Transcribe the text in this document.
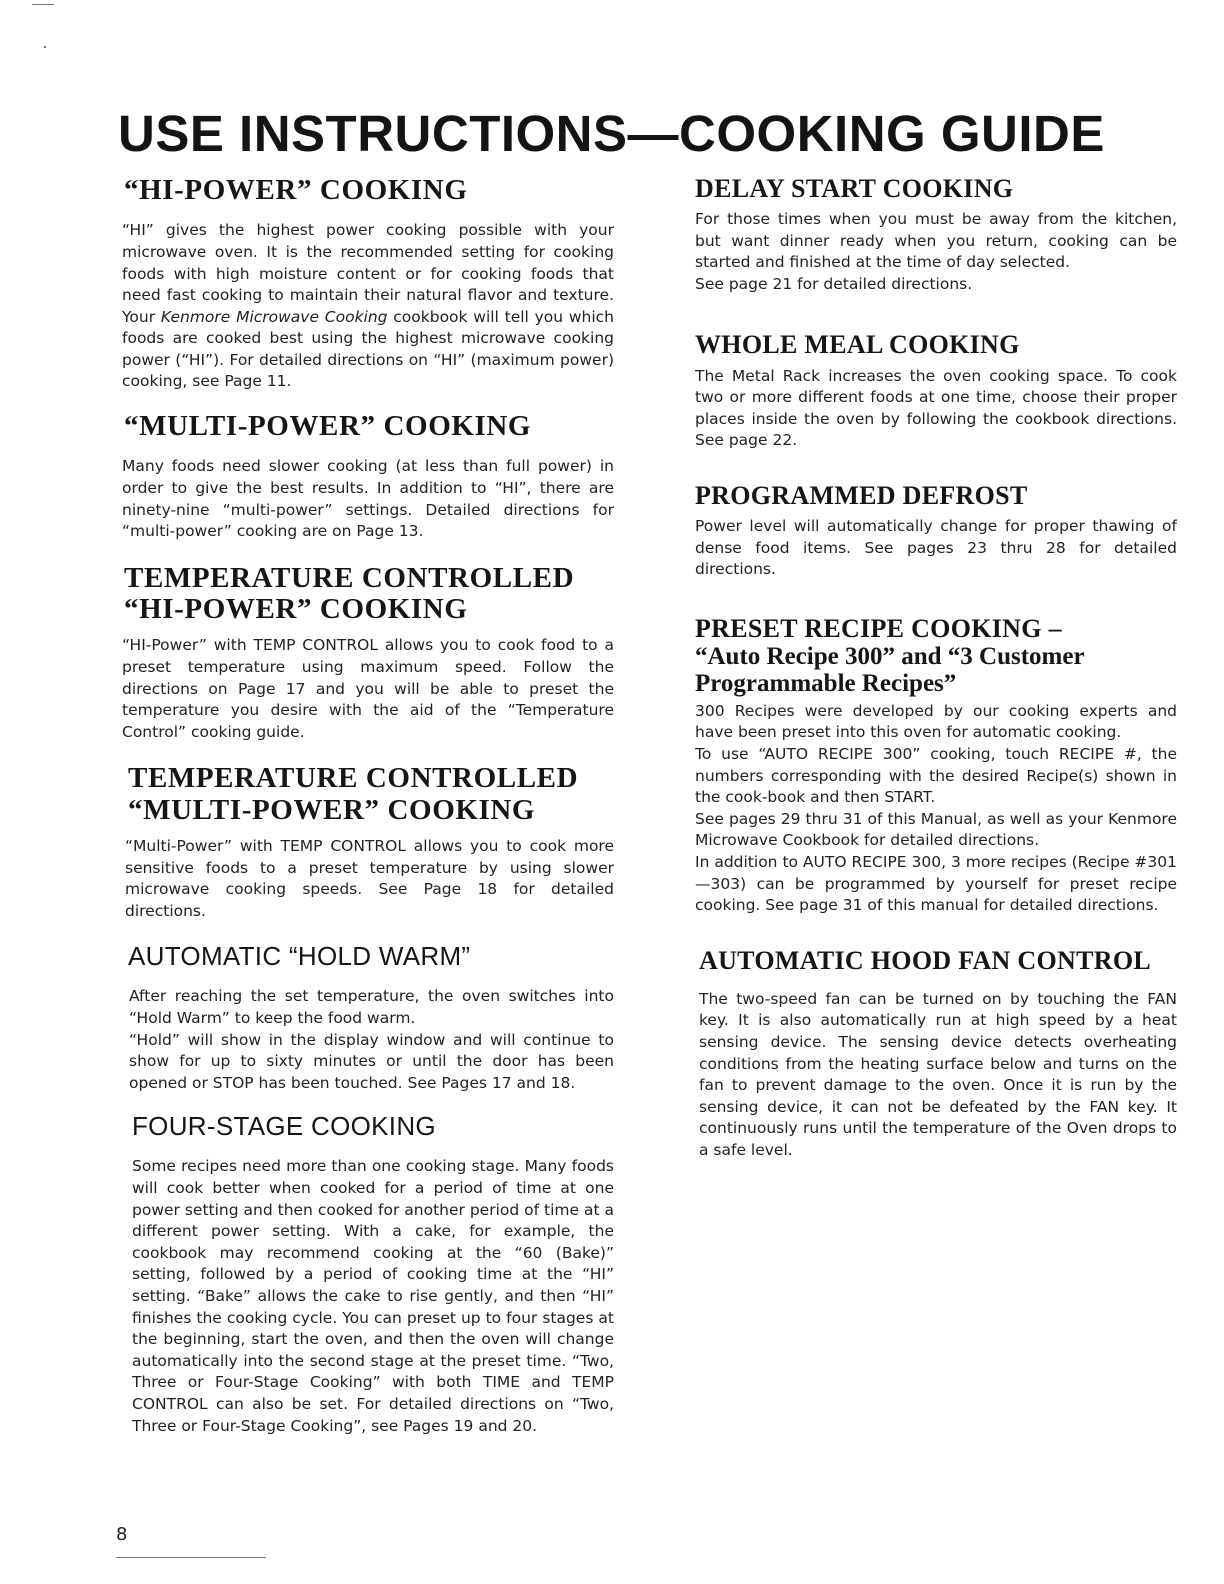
USE INSTRUCTIONS—COOKING GUIDE
“HI-POWER” COOKING

“HI” gives the highest power cooking possible with your microwave oven. It is the recommended setting for cooking foods with high moisture content or for cooking foods that need fast cooking to maintain their natural flavor and texture. Your Kenmore Microwave Cooking cookbook will tell you which foods are cooked best using the highest microwave cooking power (“HI”). For detailed directions on “HI” (maximum power) cooking, see Page 11.

“MULTI-POWER” COOKING

Many foods need slower cooking (at less than full power) in order to give the best results. In addition to “HI”, there are ninety-nine “multi-power” settings. Detailed directions for “multi-power” cooking are on Page 13.

TEMPERATURE CONTROLLED
“HI-POWER” COOKING

“HI-Power” with TEMP CONTROL allows you to cook food to a preset temperature using maximum speed. Follow the directions on Page 17 and you will be able to preset the temperature you desire with the aid of the “Temperature Control” cooking guide.

TEMPERATURE CONTROLLED
“MULTI-POWER” COOKING

“Multi-Power” with TEMP CONTROL allows you to cook more sensitive foods to a preset temperature by using slower microwave cooking speeds. See Page 18 for detailed directions.

AUTOMATIC “HOLD WARM”

After reaching the set temperature, the oven switches into “Hold Warm” to keep the food warm.

“Hold” will show in the display window and will continue to show for up to sixty minutes or until the door has been opened or STOP has been touched. See Pages 17 and 18.

FOUR-STAGE COOKING

Some recipes need more than one cooking stage. Many foods will cook better when cooked for a period of time at one power setting and then cooked for another period of time at a different power setting. With a cake, for example, the cookbook may recommend cooking at the “60 (Bake)” setting, followed by a period of cooking time at the “HI” setting. “Bake” allows the cake to rise gently, and then “HI” finishes the cooking cycle. You can preset up to four stages at the beginning, start the oven, and then the oven will change automatically into the second stage at the preset time. “Two, Three or Four-Stage Cooking” with both TIME and TEMP CONTROL can also be set. For detailed directions on “Two, Three or Four-Stage Cooking”, see Pages 19 and 20.

DELAY START COOKING

For those times when you must be away from the kitchen, but want dinner ready when you return, cooking can be started and finished at the time of day selected.

See page 21 for detailed directions.

WHOLE MEAL COOKING

The Metal Rack increases the oven cooking space. To cook two or more different foods at one time, choose their proper places inside the oven by following the cookbook directions. See page 22.

PROGRAMMED DEFROST

Power level will automatically change for proper thawing of dense food items. See pages 23 thru 28 for detailed directions.

PRESET RECIPE COOKING –
“Auto Recipe 300” and “3 Customer
Programmable Recipes”

300 Recipes were developed by our cooking experts and have been preset into this oven for automatic cooking.

To use “AUTO RECIPE 300” cooking, touch RECIPE #, the numbers corresponding with the desired Recipe(s) shown in the cook-book and then START.

See pages 29 thru 31 of this Manual, as well as your Kenmore Microwave Cookbook for detailed directions.

In addition to AUTO RECIPE 300, 3 more recipes (Recipe #301—303) can be programmed by yourself for preset recipe cooking. See page 31 of this manual for detailed directions.

AUTOMATIC HOOD FAN CONTROL

The two-speed fan can be turned on by touching the FAN key. It is also automatically run at high speed by a heat sensing device. The sensing device detects overheating conditions from the heating surface below and turns on the fan to prevent damage to the oven. Once it is run by the sensing device, it can not be defeated by the FAN key. It continuously runs until the temperature of the Oven drops to a safe level.

8
